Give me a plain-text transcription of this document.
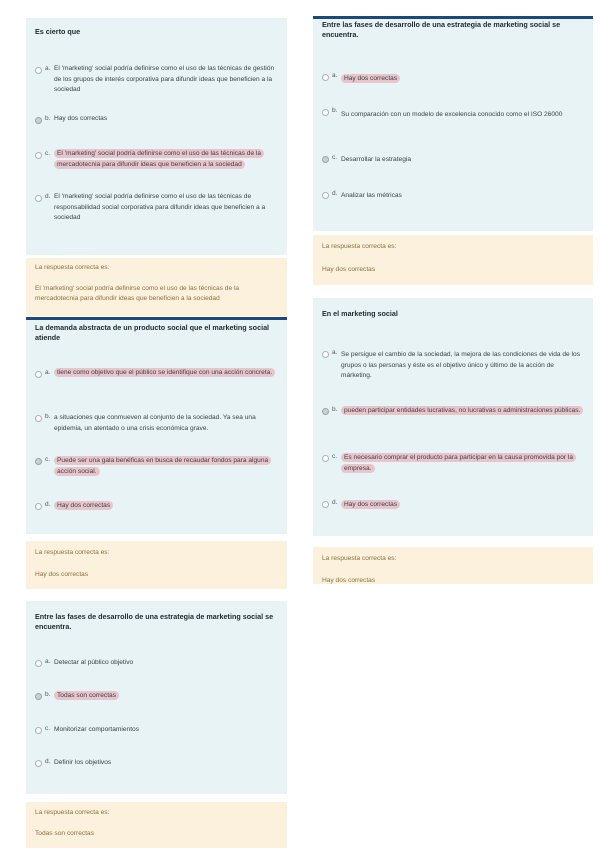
Es cierto que
a. El 'marketing' social podría definirse como el uso de las técnicas de gestión de los grupos de interés corporativa para difundir ideas que beneficien a la sociedad
b. Hay dos correctas
c.	El 'marketing' social podría definirse como el uso de las técnicas de la mercadotecnia para difundir ideas que beneficien a la sociedad
d. El 'marketing' social podría definirse como el uso de las técnicas de responsabilidad social corporativa para difundir ideas que beneficien a a sociedad
La respuesta correcta es:
El 'marketing' social podría definirse como el uso de las técnicas de la mercadotecnia para difundir ideas que beneficien a la sociedad
La demanda abstracta de un producto social que el marketing social atiende
a. tiene como objetivo que el público se identifique con una acción concreta.
b. a situaciones que conmueven al conjunto de la sociedad. Ya sea una epidemia, un atentado o una crisis económica grave.
c.	Puede ser una gala benéficas en busca de recaudar fondos para alguna acción social.
d. Hay dos correctas
La respuesta correcta es:
Hay dos correctas
Entre las fases de desarrollo de una estrategia de marketing social se encuentra.
a. Detectar al público objetivo
b. Todas son correctas
c. Monitorizar comportamientos
d. Definir los objetivos
La respuesta correcta es:
Todas son correctas
Entre las fases de desarrollo de una estrategia de marketing social se encuentra.
a. Hay dos correctas
b.
Su comparación con un modelo de excelencia conocido como el ISO 26000
c. Desarrollar la estrategia
d. Analizar las métricas
La respuesta correcta es:
Hay dos correctas
En el marketing social
a. Se persigue el cambio de la sociedad, la mejora de las condiciones de vida de los grupos o las personas y éste es el objetivo único y último de la acción de márketing.
b. pueden participar entidades lucrativas, no lucrativas o administraciones públicas.
c.	Es necesario comprar el producto para participar en la causa promovida por la empresa.
d. Hay dos correctas
La respuesta correcta es:
Hay dos correctas
